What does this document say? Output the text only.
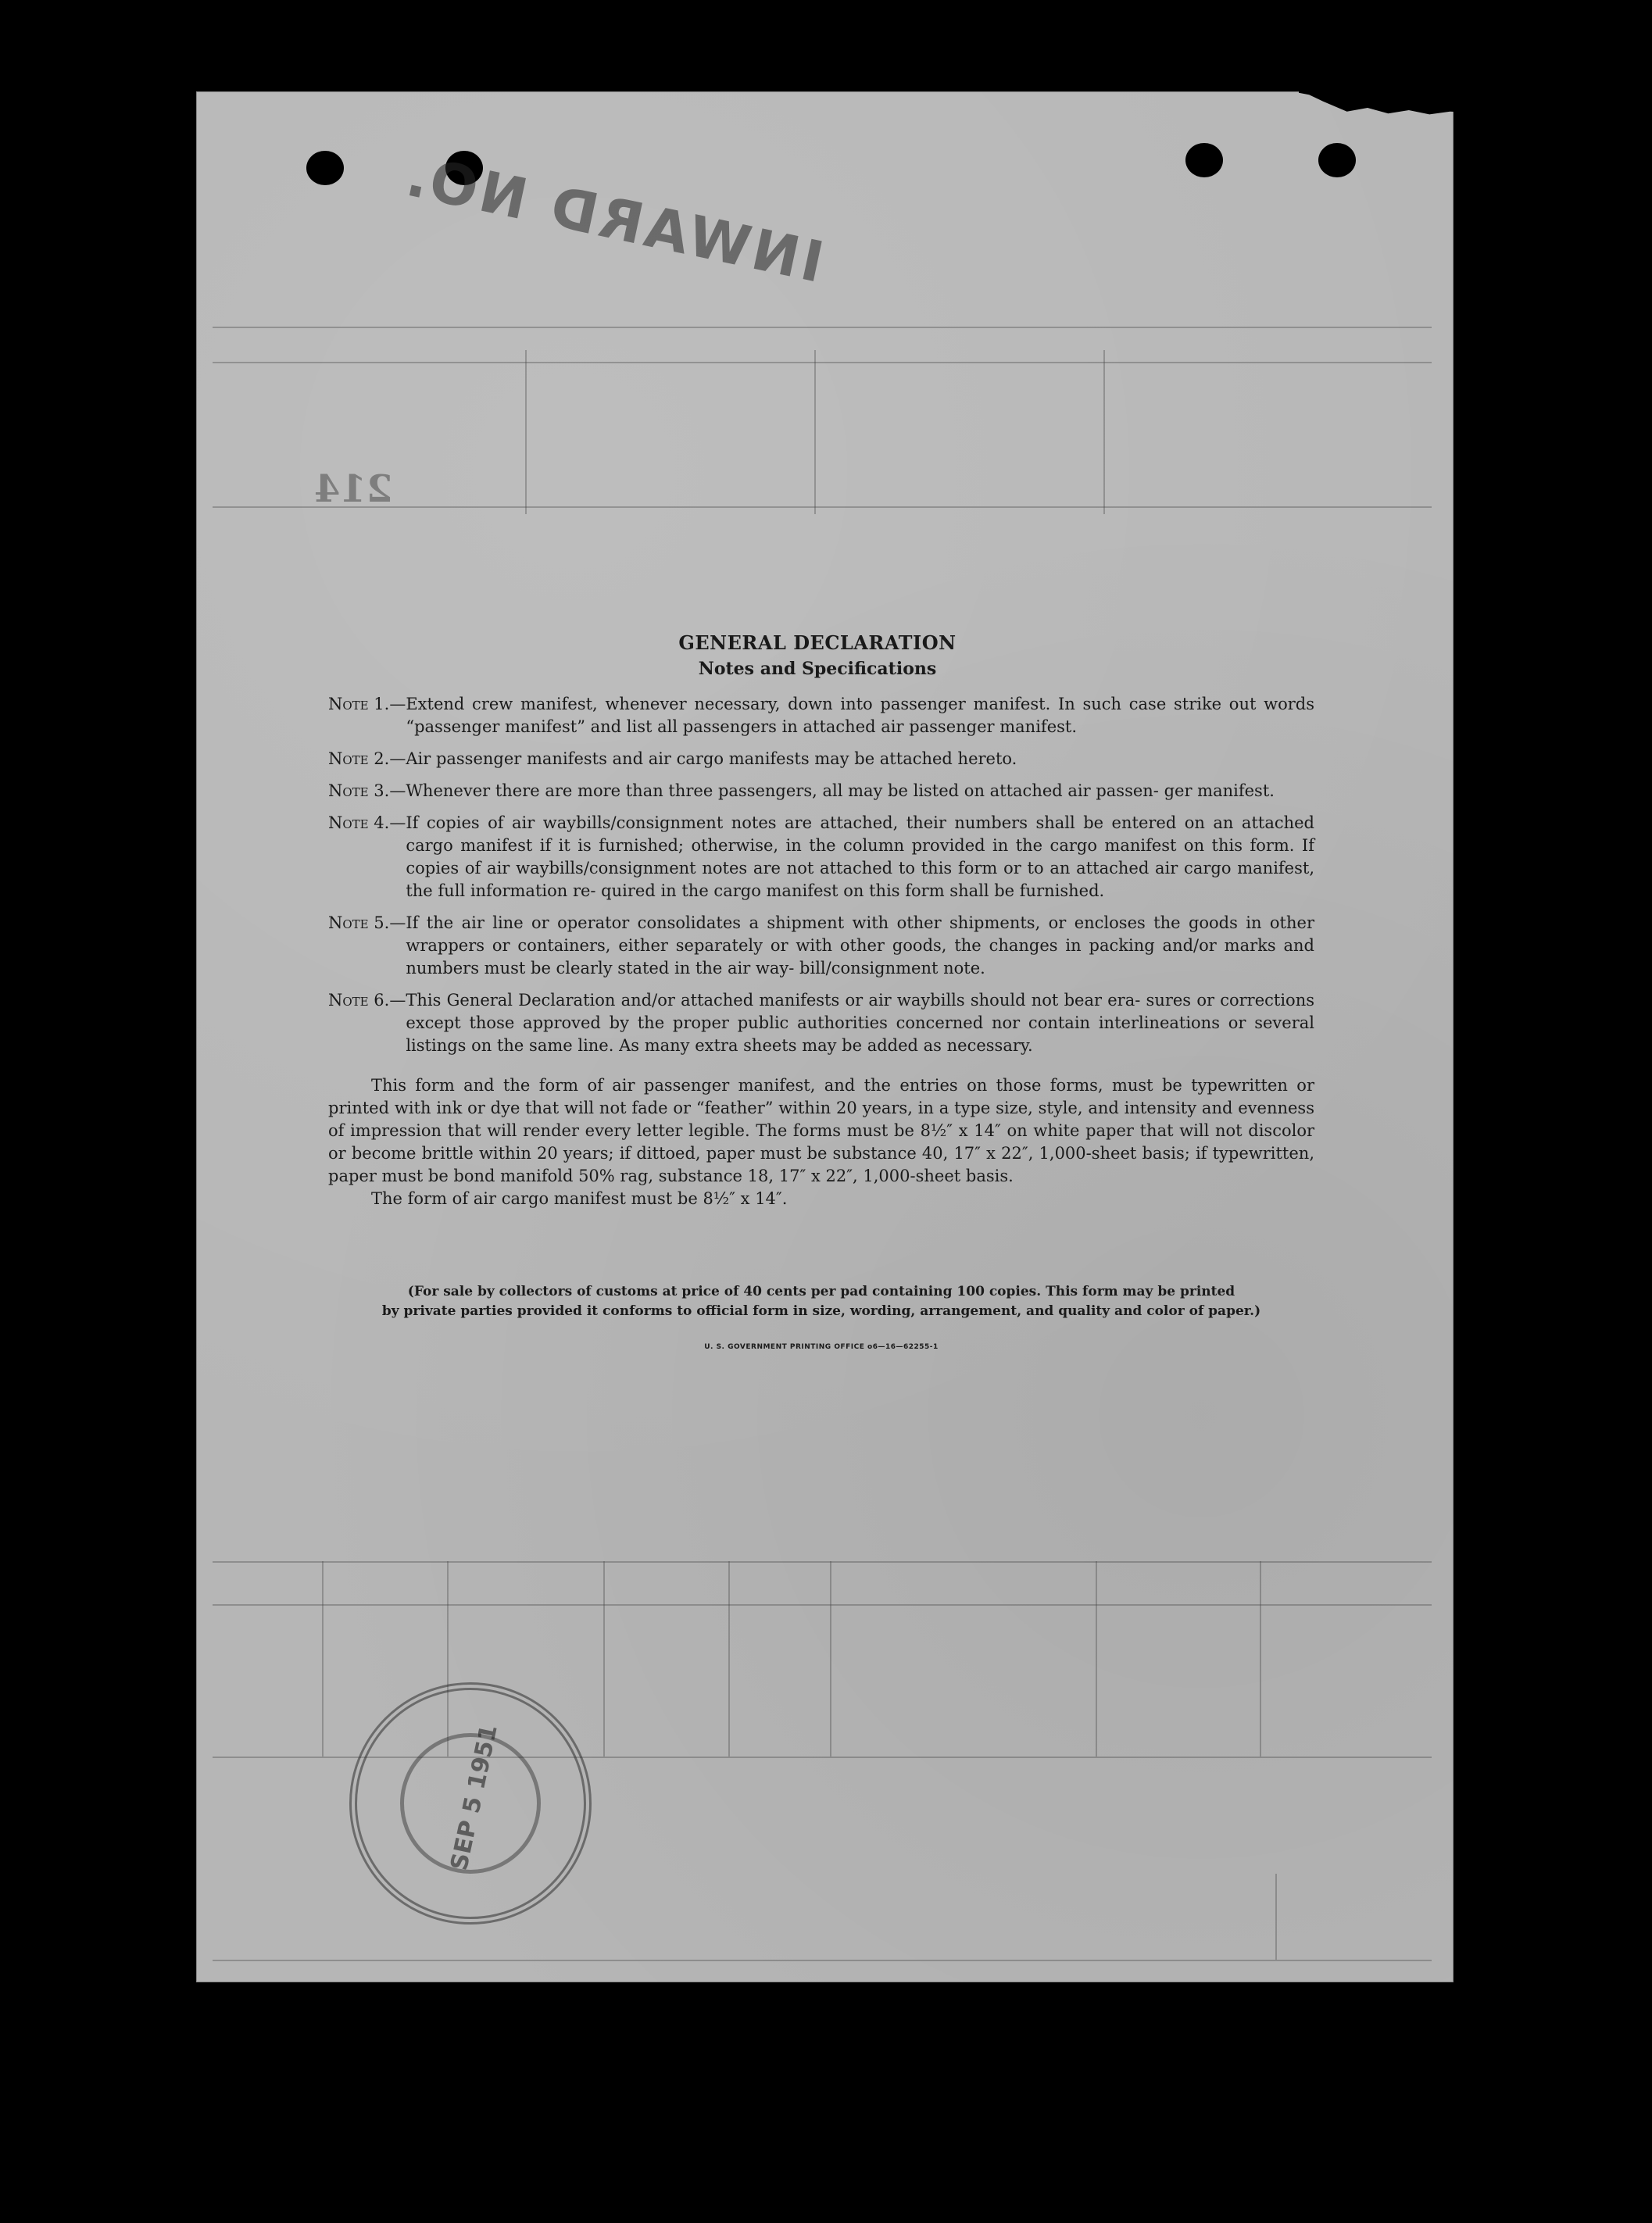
INWARD NO.
214
SEP 5 1951
GENERAL DECLARATION
Notes and Specifications
Note 1.— Extend crew manifest, whenever necessary, down into passenger manifest. In such case strike out words “passenger manifest” and list all passengers in attached air passenger manifest.
Note 2.— Air passenger manifests and air cargo manifests may be attached hereto.
Note 3.— Whenever there are more than three passengers, all may be listed on attached air passen- ger manifest.
Note 4.— If copies of air waybills/consignment notes are attached, their numbers shall be entered on an attached cargo manifest if it is furnished; otherwise, in the column provided in the cargo manifest on this form. If copies of air waybills/consignment notes are not attached to this form or to an attached air cargo manifest, the full information re- quired in the cargo manifest on this form shall be furnished.
Note 5.— If the air line or operator consolidates a shipment with other shipments, or encloses the goods in other wrappers or containers, either separately or with other goods, the changes in packing and/or marks and numbers must be clearly stated in the air way- bill/consignment note.
Note 6.— This General Declaration and/or attached manifests or air waybills should not bear era- sures or corrections except those approved by the proper public authorities concerned nor contain interlineations or several listings on the same line. As many extra sheets may be added as necessary.
This form and the form of air passenger manifest, and the entries on those forms, must be typewritten or printed with ink or dye that will not fade or “feather” within 20 years, in a type size, style, and intensity and evenness of impression that will render every letter legible. The forms must be 8½″ x 14″ on white paper that will not discolor or become brittle within 20 years; if dittoed, paper must be substance 40, 17″ x 22″, 1,000-sheet basis; if typewritten, paper must be bond manifold 50% rag, substance 18, 17″ x 22″, 1,000-sheet basis.
The form of air cargo manifest must be 8½″ x 14″.
(For sale by collectors of customs at price of 40 cents per pad containing 100 copies. This form may be printed
by private parties provided it conforms to official form in size, wording, arrangement, and quality and color of paper.)
U. S. GOVERNMENT PRINTING OFFICE o6—16—62255-1
